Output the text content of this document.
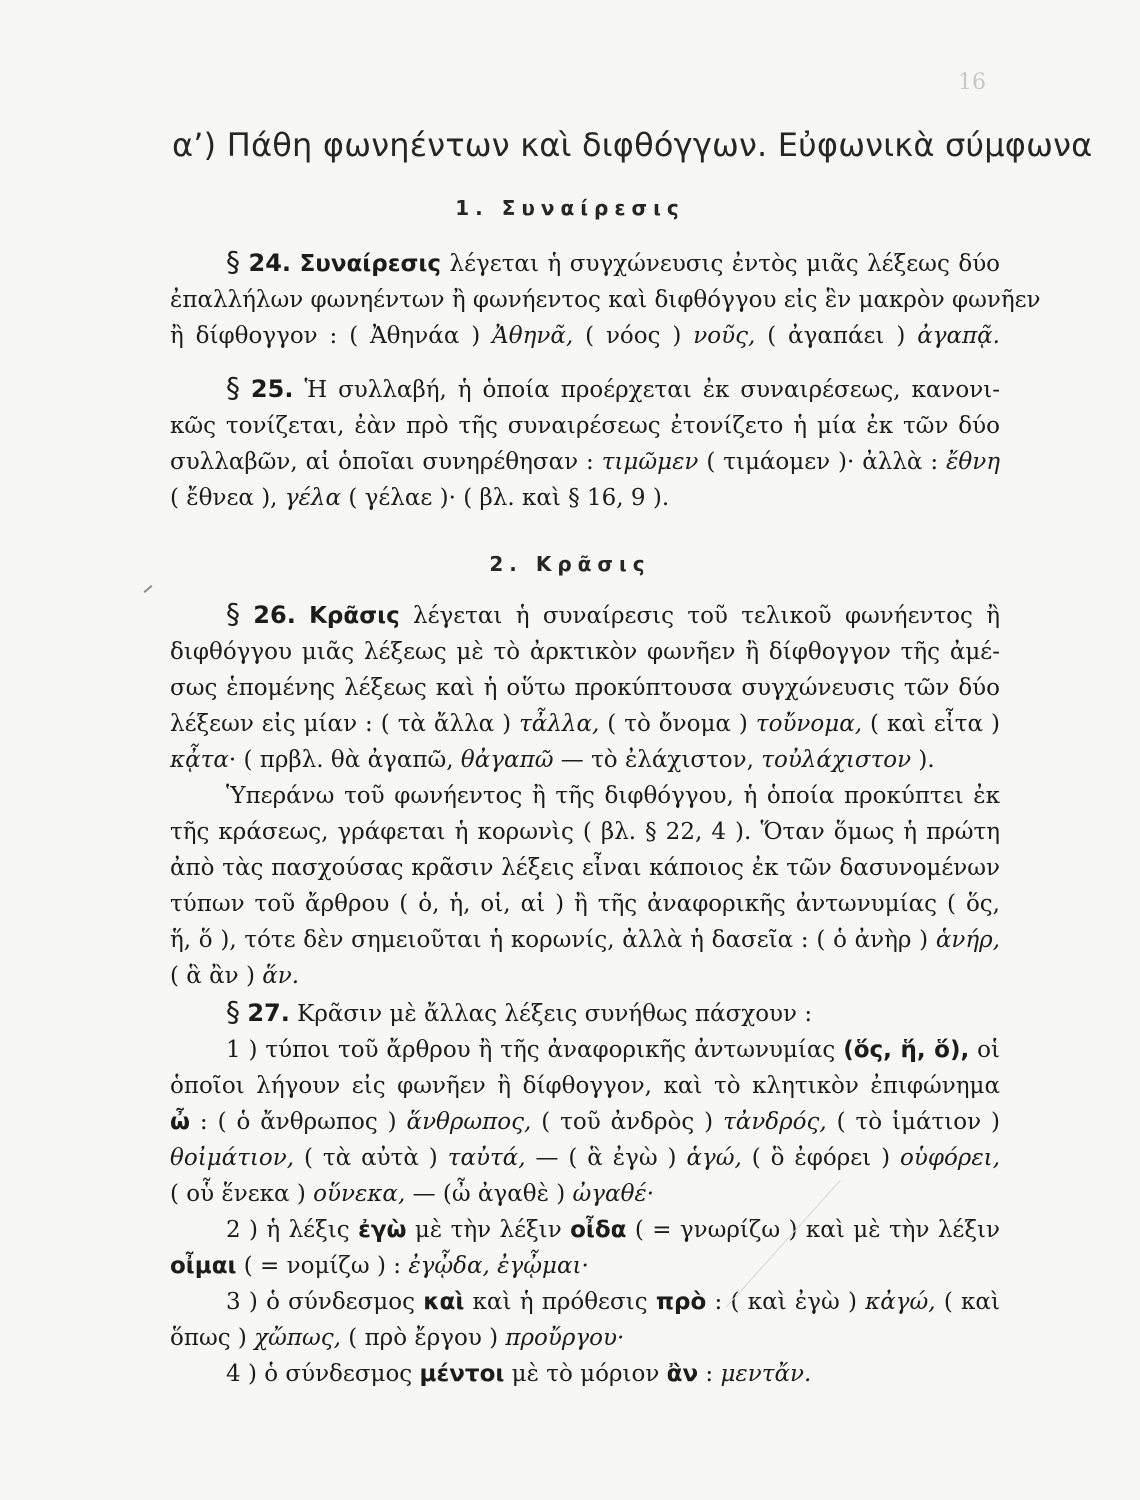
16
α’) Πάθη φωνηέντων καὶ διφθόγγων. Εὐφωνικὰ σύμφωνα
1. Συναίρεσις
§ 24. Συναίρεσις λέγεται ἡ συγχώνευσις ἐντὸς μιᾶς λέξεως δύο
ἐπαλλήλων φωνηέντων ἢ φωνήεντος καὶ διφθόγγου εἰς ἓν μακρὸν φωνῆεν
ἢ δίφθογγον : ( Ἀθηνάα ) Ἀθηνᾶ, ( νόος ) νοῦς, ( ἀγαπάει ) ἀγαπᾷ.
§ 25. Ἡ συλλαβή, ἡ ὁποία προέρχεται ἐκ συναιρέσεως, κανονι-
κῶς τονίζεται, ἐὰν πρὸ τῆς συναιρέσεως ἐτονίζετο ἡ μία ἐκ τῶν δύο
συλλαβῶν, αἱ ὁποῖαι συνηρέθησαν : τιμῶμεν ( τιμάομεν )· ἀλλὰ : ἔθνη
( ἔθνεα ), γέλα ( γέλαε )· ( βλ. καὶ § 16, 9 ).
2. Κρᾶσις
§ 26. Κρᾶσις λέγεται ἡ συναίρεσις τοῦ τελικοῦ φωνήεντος ἢ
διφθόγγου μιᾶς λέξεως μὲ τὸ ἀρκτικὸν φωνῆεν ἢ δίφθογγον τῆς ἀμέ-
σως ἑπομένης λέξεως καὶ ἡ οὕτω προκύπτουσα συγχώνευσις τῶν δύο
λέξεων εἰς μίαν : ( τὰ ἄλλα ) τἆλλα, ( τὸ ὄνομα ) τοὔνομα, ( καὶ εἶτα )
κᾆτα· ( πρβλ. θὰ ἀγαπῶ, θἀγαπῶ — τὸ ἐλάχιστον, τοὐλάχιστον ).
Ὑπεράνω τοῦ φωνήεντος ἢ τῆς διφθόγγου, ἡ ὁποία προκύπτει ἐκ
τῆς κράσεως, γράφεται ἡ κορωνὶς ( βλ. § 22, 4 ). Ὅταν ὅμως ἡ πρώτη
ἀπὸ τὰς πασχούσας κρᾶσιν λέξεις εἶναι κάποιος ἐκ τῶν δασυνομένων
τύπων τοῦ ἄρθρου ( ὁ, ἡ, οἱ, αἱ ) ἢ τῆς ἀναφορικῆς ἀντωνυμίας ( ὅς,
ἥ, ὅ ), τότε δὲν σημειοῦται ἡ κορωνίς, ἀλλὰ ἡ δασεῖα : ( ὁ ἀνὴρ ) ἁνήρ,
( ἃ ἂν ) ἅν.
§ 27. Κρᾶσιν μὲ ἄλλας λέξεις συνήθως πάσχουν :
1 ) τύποι τοῦ ἄρθρου ἢ τῆς ἀναφορικῆς ἀντωνυμίας (ὅς, ἥ, ὅ), οἱ
ὁποῖοι λήγουν εἰς φωνῆεν ἢ δίφθογγον, καὶ τὸ κλητικὸν ἐπιφώνημα
ὦ : ( ὁ ἄνθρωπος ) ἅνθρωπος, ( τοῦ ἀνδρὸς ) τἀνδρός, ( τὸ ἱμάτιον )
θοἰμάτιον, ( τὰ αὐτὰ ) ταὐτά, — ( ἃ ἐγὼ ) ἁγώ, ( ὃ ἐφόρει ) οὑφόρει,
( οὗ ἕνεκα ) οὕνεκα, — (ὦ ἀγαθὲ ) ὠγαθέ·
2 ) ἡ λέξις ἐγὼ μὲ τὴν λέξιν οἶδα ( = γνωρίζω ) καὶ μὲ τὴν λέξιν
οἶμαι ( = νομίζω ) : ἐγᾦδα, ἐγᾦμαι·
3 ) ὁ σύνδεσμος καὶ καὶ ἡ πρόθεσις πρὸ : ( καὶ ἐγὼ ) κἀγώ, ( καὶ
ὅπως ) χὤπως, ( πρὸ ἔργου ) προὔργου·
4 ) ὁ σύνδεσμος μέντοι μὲ τὸ μόριον ἂν : μεντἄν.
